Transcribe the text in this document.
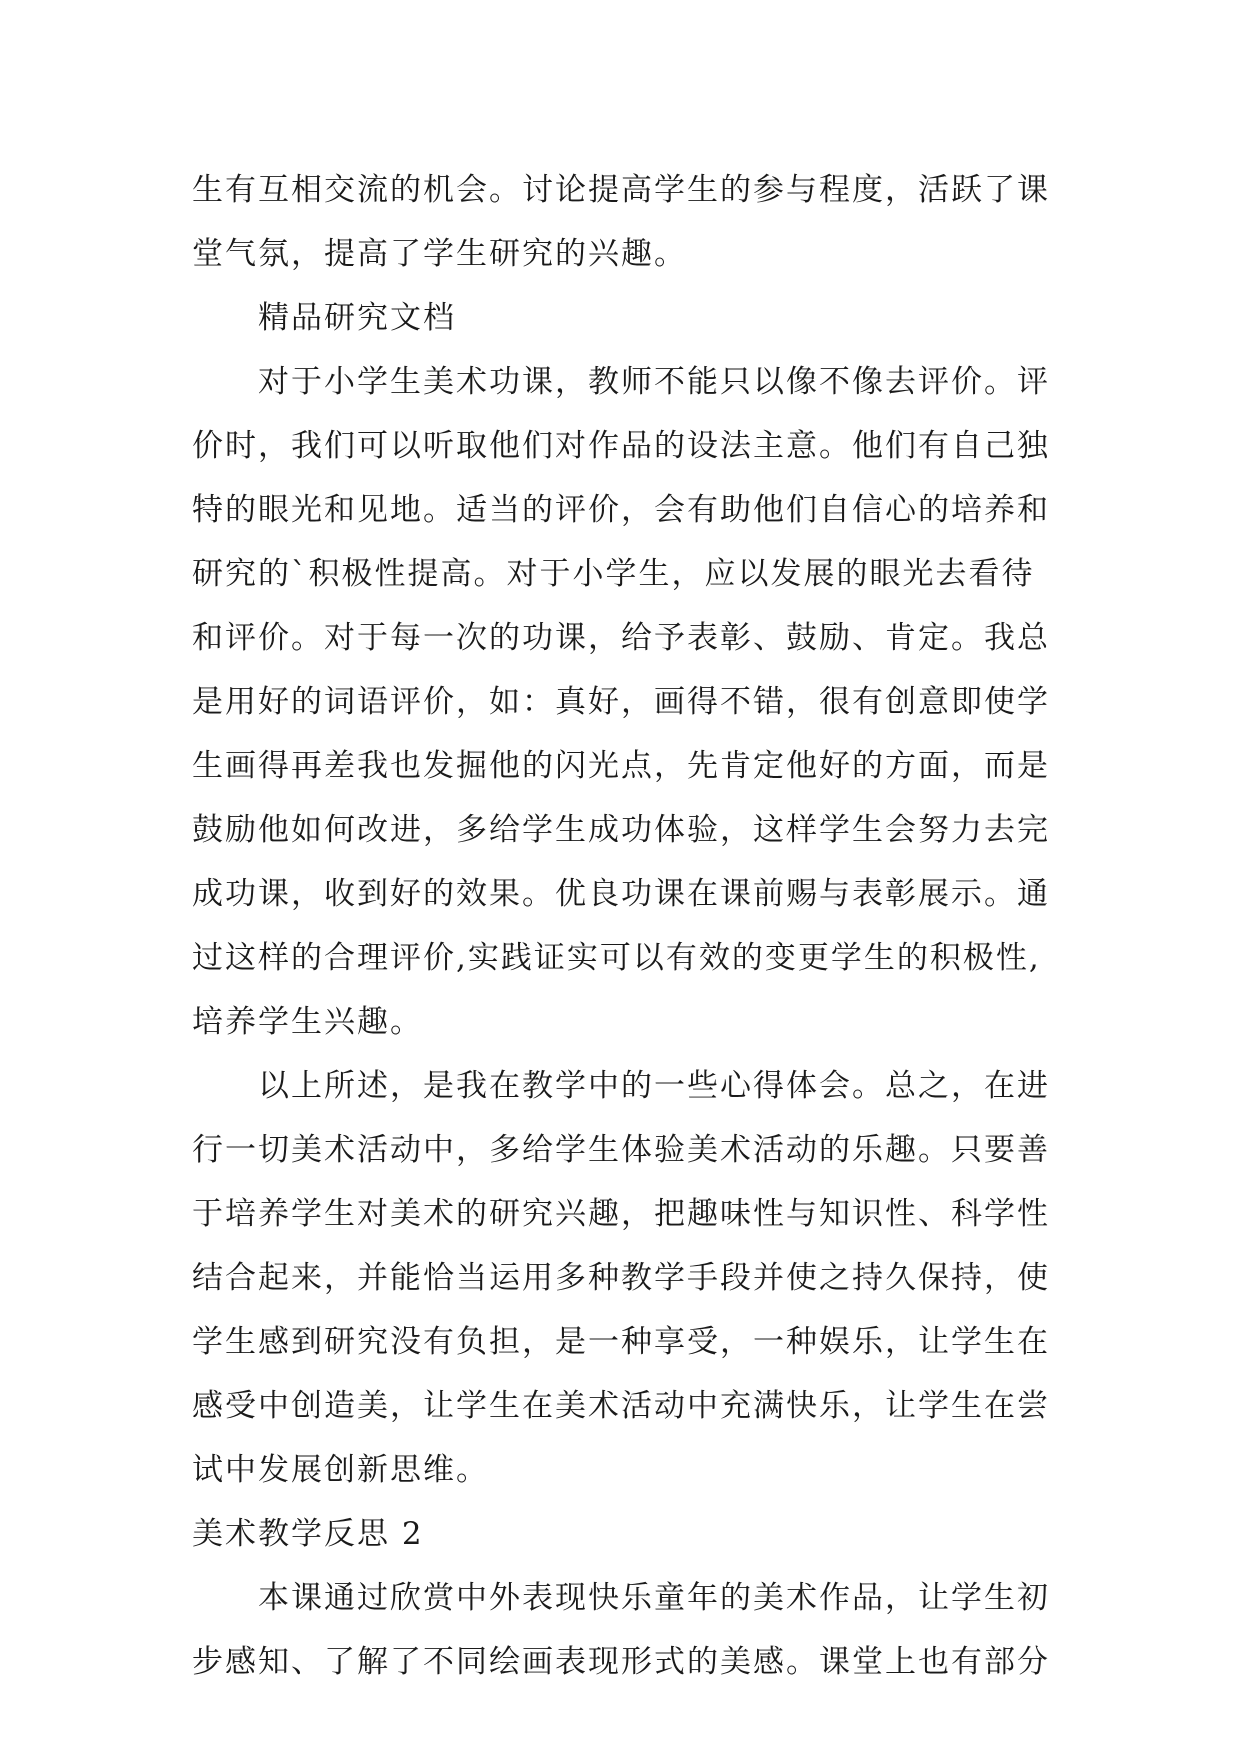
生有互相交流的机会。讨论提高学生的参与程度，活跃了课
堂气氛，提高了学生研究的兴趣。
精品研究文档
对于小学生美术功课，教师不能只以像不像去评价。评
价时，我们可以听取他们对作品的设法主意。他们有自己独
特的眼光和见地。适当的评价，会有助他们自信心的培养和
研究的`积极性提高。对于小学生，应以发展的眼光去看待
和评价。对于每一次的功课，给予表彰、鼓励、肯定。我总
是用好的词语评价，如：真好，画得不错，很有创意即使学
生画得再差我也发掘他的闪光点，先肯定他好的方面，而是
鼓励他如何改进，多给学生成功体验，这样学生会努力去完
成功课，收到好的效果。优良功课在课前赐与表彰展示。通
过这样的合理评价,实践证实可以有效的变更学生的积极性,
培养学生兴趣。
以上所述，是我在教学中的一些心得体会。总之，在进
行一切美术活动中，多给学生体验美术活动的乐趣。只要善
于培养学生对美术的研究兴趣，把趣味性与知识性、科学性
结合起来，并能恰当运用多种教学手段并使之持久保持，使
学生感到研究没有负担，是一种享受，一种娱乐，让学生在
感受中创造美，让学生在美术活动中充满快乐，让学生在尝
试中发展创新思维。
美术教学反思 2
本课通过欣赏中外表现快乐童年的美术作品，让学生初
步感知、了解了不同绘画表现形式的美感。课堂上也有部分
